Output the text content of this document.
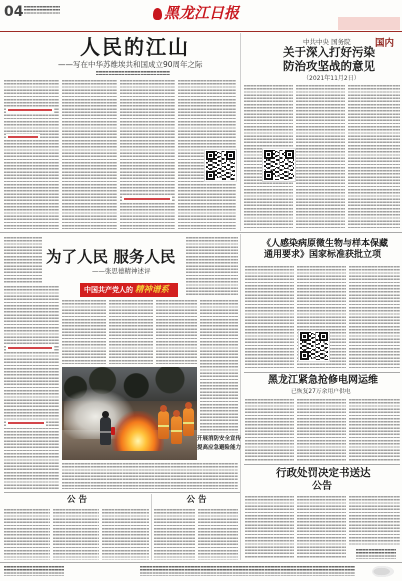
04	黑龙江日报

国内

人民的江山
——写在中华苏维埃共和国成立90周年之际
中共中央 国务院
关于深入打好污染
防治攻坚战的意见
（2021年11月2日）
为了人民 服务人民
——张思德精神述评
中国共产党人的 精神谱系
开展消防安全宣传
提高应急避险能力
公 告	公 告
《人感染病原微生物与样本保藏
通用要求》国家标准获批立项
黑龙江紧急抢修电网运维
已恢复27万余用户供电
行政处罚决定书送达
公告
